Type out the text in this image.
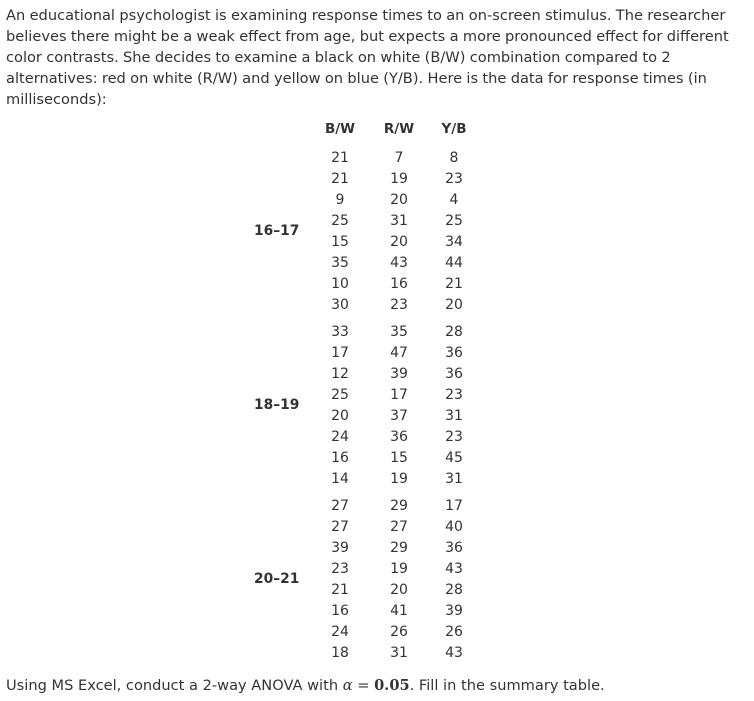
An educational psychologist is examining response times to an on-screen stimulus. The researcher
believes there might be a weak effect from age, but expects a more pronounced effect for different
color contrasts. She decides to examine a black on white (B/W) combination compared to 2
alternatives: red on white (R/W) and yellow on blue (Y/B). Here is the data for response times (in
milliseconds):
B/W	R/W	Y/B
16–17
21	7	8
21	19	23
9	20	4
25	31	25
15	20	34
35	43	44
10	16	21
30	23	20
18–19
33	35	28
17	47	36
12	39	36
25	17	23
20	37	31
24	36	23
16	15	45
14	19	31
20–21
27	29	17
27	27	40
39	29	36
23	19	43
21	20	28
16	41	39
24	26	26
18	31	43
Using MS Excel, conduct a 2-way ANOVA with α = 0.05. Fill in the summary table.
